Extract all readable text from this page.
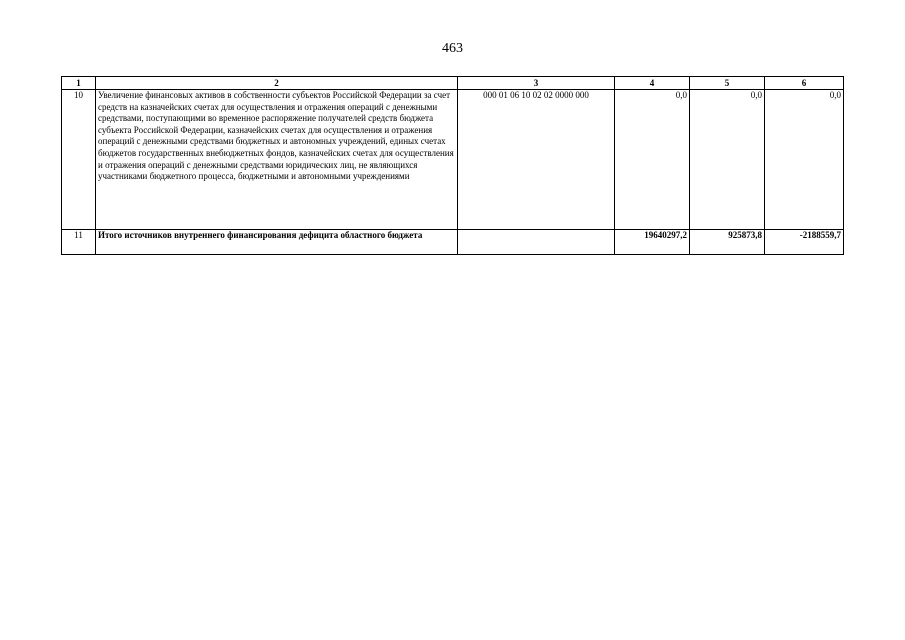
463
1	2	3	4	5	6
10	Увеличение финансовых активов в собственности субъектов Российской Федерации за счет средств на казначейских счетах для осуществления и отражения операций с денежными средствами, поступающими во временное распоряжение получателей средств бюджета субъекта Российской Федерации, казначейских счетах для осуществления и отражения операций с денежными средствами бюджетных и автономных учреждений, единых счетах бюджетов государственных внебюджетных фондов, казначейских счетах для осуществления и отражения операций с денежными средствами юридических лиц, не являющихся участниками бюджетного процесса, бюджетными и автономными учреждениями	000 01 06 10 02 02 0000 000	0,0	0,0	0,0
11	Итого источников внутреннего финансирования дефицита областного бюджета		19640297,2	925873,8	-2188559,7
